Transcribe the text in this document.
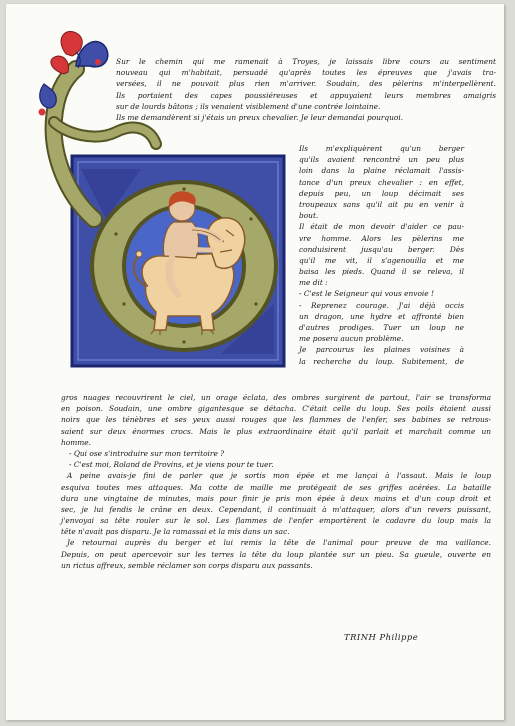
Sur le chemin qui me ramenait à Troyes, je laissais libre cours au sentiment
nouveau qui m'habitait, persuadé qu'après toutes les épreuves que j'avais tra-
versées, il ne pouvait plus rien m'arriver. Soudain, des pèlerins m'interpellèrent.
Ils portaient des capes poussiéreuses et appuyaient leurs membres amaigris
sur de lourds bâtons ; ils venaient visiblement d'une contrée lointaine.
Ils me demandèrent si j'étais un preux chevalier. Je leur demandai pourquoi.
Ils m'expliquèrent qu'un berger
qu'ils avaient rencontré un peu plus
loin dans la plaine réclamait l'assis-
tance d'un preux chevalier : en effet,
depuis peu, un loup décimait ses
troupeaux sans qu'il ait pu en venir à
bout.
Il était de mon devoir d'aider ce pau-
vre homme. Alors les pèlerins me
conduisirent jusqu'au berger. Dès
qu'il me vit, il s'agenouilla et me
baisa les pieds. Quand il se releva, il
me dit :
- C'est le Seigneur qui vous envoie !
- Reprenez courage. J'ai déjà occis
un dragon, une hydre et affronté bien
d'autres prodiges. Tuer un loup ne
me posera aucun problème.
Je parcourus les plaines voisines à
la recherche du loup. Subitement, de
gros nuages recouvrirent le ciel, un orage éclata, des ombres surgirent de partout, l'air se transforma
en poison. Soudain, une ombre gigantesque se détacha. C'était celle du loup. Ses poils étaient aussi
noirs que les ténèbres et ses yeux aussi rouges que les flammes de l'enfer, ses babines se retrous-
saient sur deux énormes crocs. Mais le plus extraordinaire était qu'il parlait et marchait comme un
homme.
- Qui ose s'introduire sur mon territoire ?
- C'est moi, Roland de Provins, et je viens pour te tuer.
A peine avais-je fini de parler que je sortis mon épée et me lançai à l'assaut. Mais le loup
esquiva toutes mes attaques. Ma cotte de maille me protégeait de ses griffes acérées. La bataille
dura une vingtaine de minutes, mais pour finir je pris mon épée à deux mains et d'un coup droit et
sec, je lui fendis le crâne en deux. Cependant, il continuait à m'attaquer, alors d'un revers puissant,
j'envoyai sa tête rouler sur le sol. Les flammes de l'enfer emportèrent le cadavre du loup mais la
tête n'avait pas disparu. Je la ramassai et la mis dans un sac.
Je retournai auprès du berger et lui remis la tête de l'animal pour preuve de ma vaillance.
Depuis, on peut apercevoir sur les terres la tête du loup plantée sur un pieu. Sa gueule, ouverte en
un rictus affreux, semble réclamer son corps disparu aux passants.
TRINH Philippe
